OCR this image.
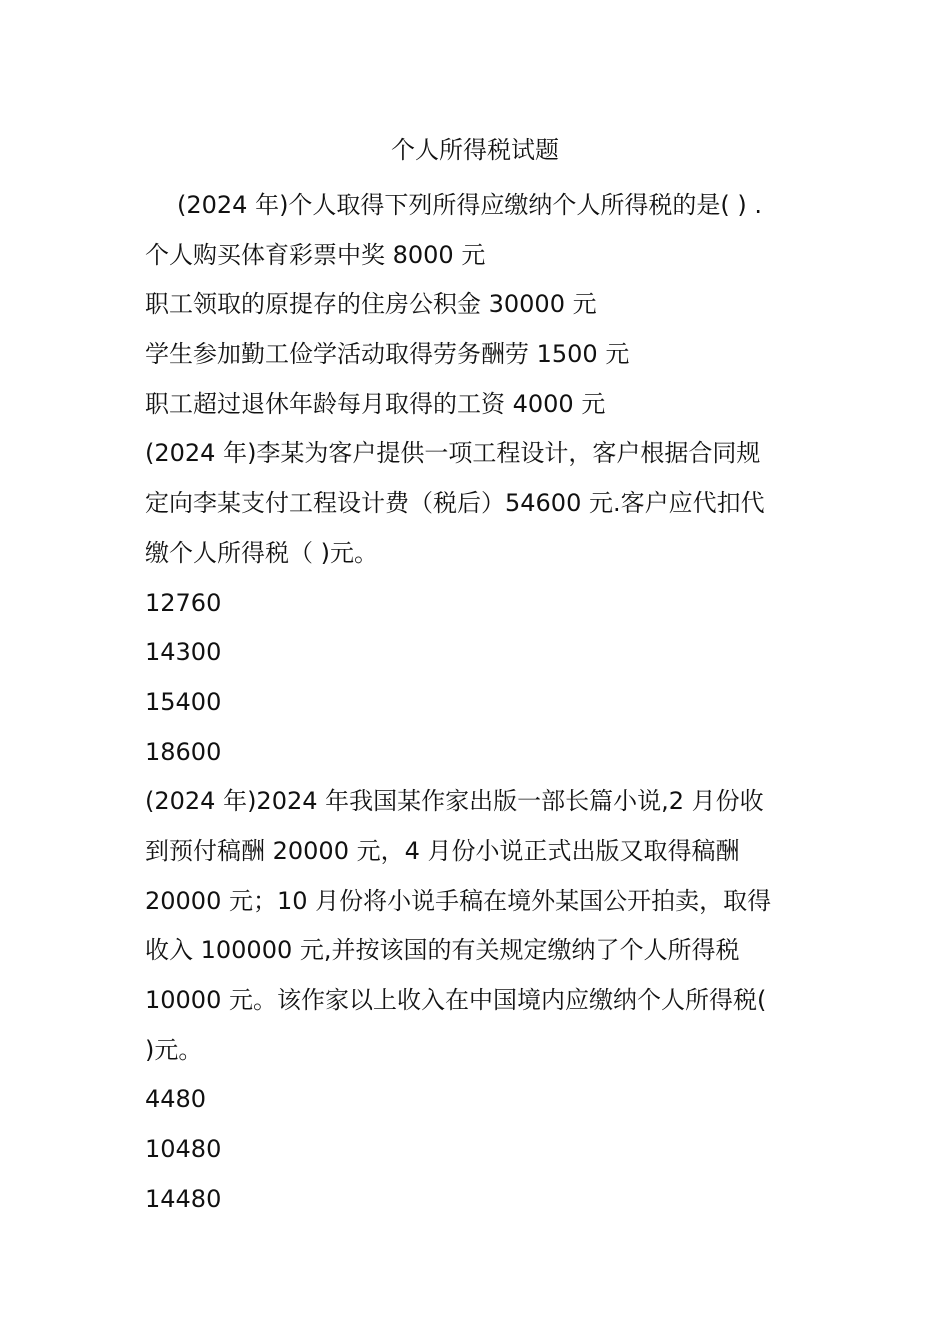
个人所得税试题
(2024 年)个人取得下列所得应缴纳个人所得税的是( ) .
个人购买体育彩票中奖 8000 元
职工领取的原提存的住房公积金 30000 元
学生参加勤工俭学活动取得劳务酬劳 1500 元
职工超过退休年龄每月取得的工资 4000 元
(2024 年)李某为客户提供一项工程设计，客户根据合同规
定向李某支付工程设计费（税后）54600 元.客户应代扣代
缴个人所得税（ )元。
12760
14300
15400
18600
(2024 年)2024 年我国某作家出版一部长篇小说,2 月份收
到预付稿酬 20000 元，4 月份小说正式出版又取得稿酬
20000 元；10 月份将小说手稿在境外某国公开拍卖，取得
收入 100000 元,并按该国的有关规定缴纳了个人所得税
10000 元。该作家以上收入在中国境内应缴纳个人所得税(
)元。
4480
10480
14480
